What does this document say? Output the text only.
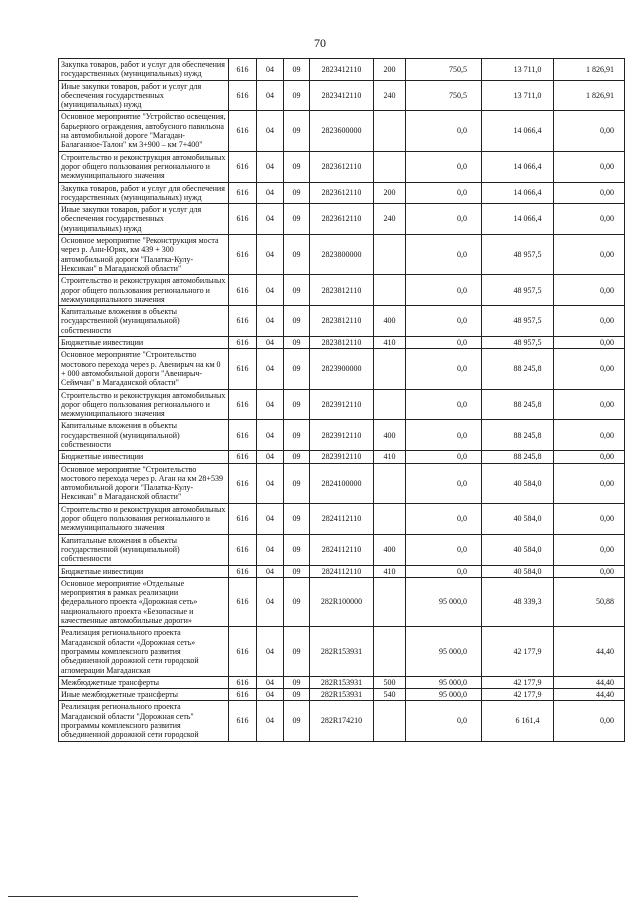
70
Закупка товаров, работ и услуг для обеспечения государственных (муниципальных) нужд	616	04	09	2823412110	200	750,5	13 711,0	1 826,91
Иные закупки товаров, работ и услуг для обеспечения государственных (муниципальных) нужд	616	04	09	2823412110	240	750,5	13 711,0	1 826,91
Основное мероприятие "Устройство освещения, барьерного ограждения, автобусного павильона на автомобильной дороге "Магадан-Балаганное-Талон" км 3+900 – км 7+400"	616	04	09	2823600000		0,0	14 066,4	0,00
Строительство и реконструкция автомобильных дорог общего пользования регионального и межмуниципального значения	616	04	09	2823612110		0,0	14 066,4	0,00
Закупка товаров, работ и услуг для обеспечения государственных (муниципальных) нужд	616	04	09	2823612110	200	0,0	14 066,4	0,00
Иные закупки товаров, работ и услуг для обеспечения государственных (муниципальных) нужд	616	04	09	2823612110	240	0,0	14 066,4	0,00
Основное мероприятие "Реконструкция моста через р. Анн-Юрях, км 439 + 300 автомобильной дороги "Палатка-Кулу-Нексикан" в Магаданской области"	616	04	09	2823800000		0,0	48 957,5	0,00
Строительство и реконструкция автомобильных дорог общего пользования регионального и межмуниципального значения	616	04	09	2823812110		0,0	48 957,5	0,00
Капитальные вложения в объекты государственной (муниципальной) собственности	616	04	09	2823812110	400	0,0	48 957,5	0,00
Бюджетные инвестиции	616	04	09	2823812110	410	0,0	48 957,5	0,00
Основное мероприятие "Строительство мостового перехода через р. Авенирыч на км 0 + 000 автомобильной дороги "Авенирыч-Сеймчан" в Магаданской области"	616	04	09	2823900000		0,0	88 245,8	0,00
Строительство и реконструкция автомобильных дорог общего пользования регионального и межмуниципального значения	616	04	09	2823912110		0,0	88 245,8	0,00
Капитальные вложения в объекты государственной (муниципальной) собственности	616	04	09	2823912110	400	0,0	88 245,8	0,00
Бюджетные инвестиции	616	04	09	2823912110	410	0,0	88 245,8	0,00
Основное мероприятие "Строительство мостового перехода через р. Аган на км 28+539 автомобильной дороги "Палатка-Кулу-Нексикан" в Магаданской области"	616	04	09	2824100000		0,0	40 584,0	0,00
Строительство и реконструкция автомобильных дорог общего пользования регионального и межмуниципального значения	616	04	09	2824112110		0,0	40 584,0	0,00
Капитальные вложения в объекты государственной (муниципальной) собственности	616	04	09	2824112110	400	0,0	40 584,0	0,00
Бюджетные инвестиции	616	04	09	2824112110	410	0,0	40 584,0	0,00
Основное мероприятие «Отдельные мероприятия в рамках реализации федерального проекта «Дорожная сеть» национального проекта «Безопасные и качественные автомобильные дороги»	616	04	09	282R100000		95 000,0	48 339,3	50,88
Реализация регионального проекта Магаданской области «Дорожная сеть» программы комплексного развития объединенной дорожной сети городской агломерации Магаданская	616	04	09	282R153931		95 000,0	42 177,9	44,40
Межбюджетные трансферты	616	04	09	282R153931	500	95 000,0	42 177,9	44,40
Иные межбюджетные трансферты	616	04	09	282R153931	540	95 000,0	42 177,9	44,40
Реализация регионального проекта Магаданской области "Дорожная сеть" программы комплексного развития объединенной дорожной сети городской	616	04	09	282R174210		0,0	6 161,4	0,00
